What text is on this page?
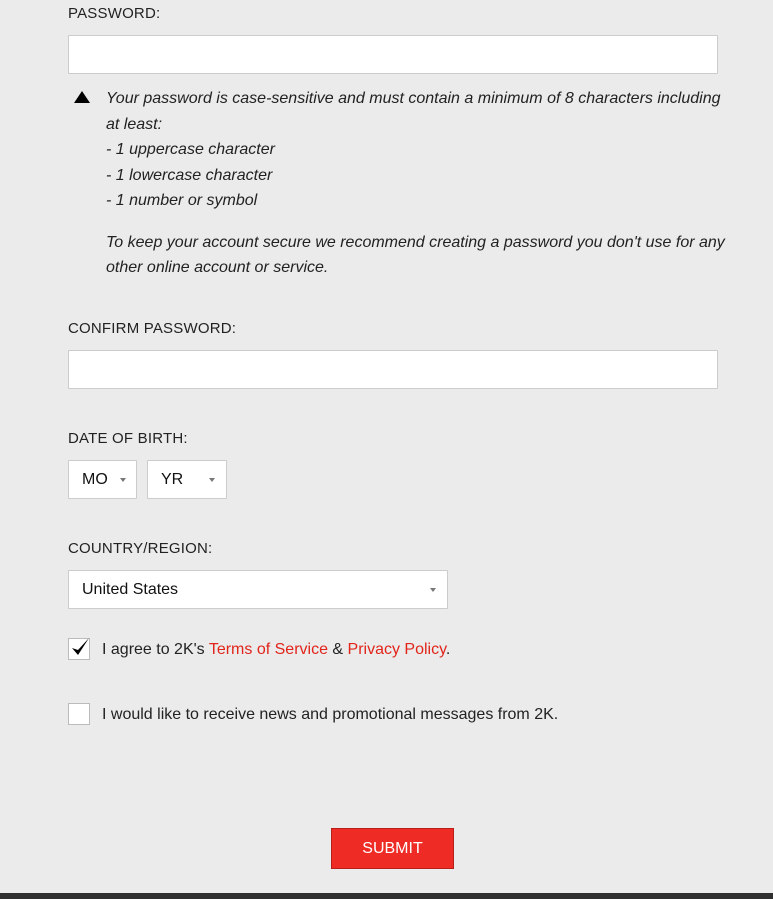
PASSWORD:
Your password is case-sensitive and must contain a minimum of 8 characters including at least:
- 1 uppercase character
- 1 lowercase character
- 1 number or symbol
To keep your account secure we recommend creating a password you don't use for any other online account or service.
CONFIRM PASSWORD:
DATE OF BIRTH:
MO	YR
COUNTRY/REGION:
United States
I agree to 2K's Terms of Service & Privacy Policy.
I would like to receive news and promotional messages from 2K.
SUBMIT
